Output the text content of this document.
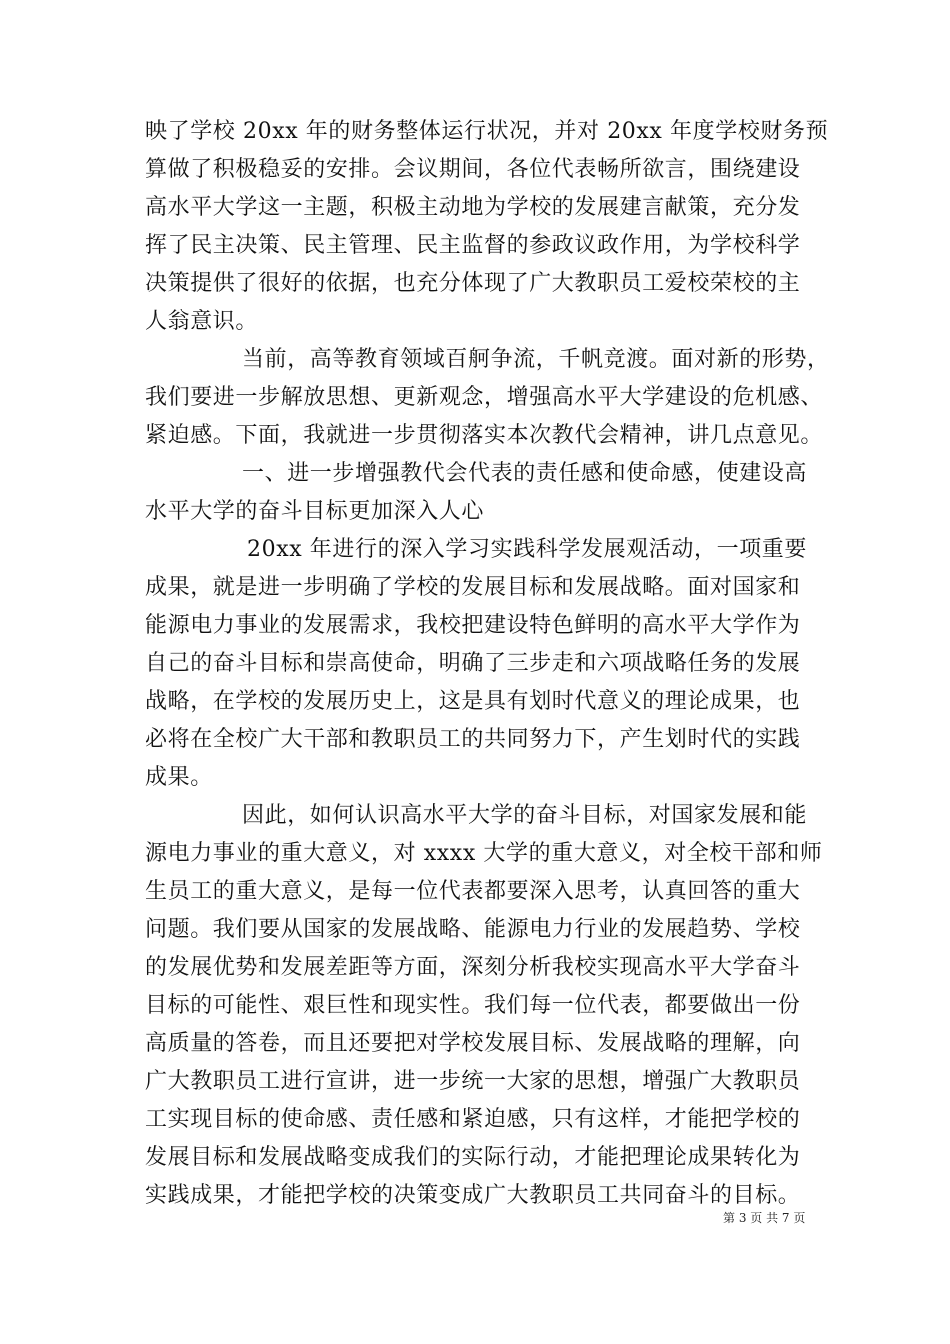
映了学校 20xx 年的财务整体运行状况，并对 20xx 年度学校财务预
算做了积极稳妥的安排。会议期间，各位代表畅所欲言，围绕建设
高水平大学这一主题，积极主动地为学校的发展建言献策，充分发
挥了民主决策、民主管理、民主监督的参政议政作用，为学校科学
决策提供了很好的依据，也充分体现了广大教职员工爱校荣校的主
人翁意识。
当前，高等教育领域百舸争流，千帆竞渡。面对新的形势，
我们要进一步解放思想、更新观念，增强高水平大学建设的危机感、
紧迫感。下面，我就进一步贯彻落实本次教代会精神，讲几点意见。
一、进一步增强教代会代表的责任感和使命感，使建设高
水平大学的奋斗目标更加深入人心
20xx 年进行的深入学习实践科学发展观活动，一项重要
成果，就是进一步明确了学校的发展目标和发展战略。面对国家和
能源电力事业的发展需求，我校把建设特色鲜明的高水平大学作为
自己的奋斗目标和崇高使命，明确了三步走和六项战略任务的发展
战略，在学校的发展历史上，这是具有划时代意义的理论成果，也
必将在全校广大干部和教职员工的共同努力下，产生划时代的实践
成果。
因此，如何认识高水平大学的奋斗目标，对国家发展和能
源电力事业的重大意义，对 xxxx 大学的重大意义，对全校干部和师
生员工的重大意义，是每一位代表都要深入思考，认真回答的重大
问题。我们要从国家的发展战略、能源电力行业的发展趋势、学校
的发展优势和发展差距等方面，深刻分析我校实现高水平大学奋斗
目标的可能性、艰巨性和现实性。我们每一位代表，都要做出一份
高质量的答卷，而且还要把对学校发展目标、发展战略的理解，向
广大教职员工进行宣讲，进一步统一大家的思想，增强广大教职员
工实现目标的使命感、责任感和紧迫感，只有这样，才能把学校的
发展目标和发展战略变成我们的实际行动，才能把理论成果转化为
实践成果，才能把学校的决策变成广大教职员工共同奋斗的目标。
第 3 页 共 7 页
